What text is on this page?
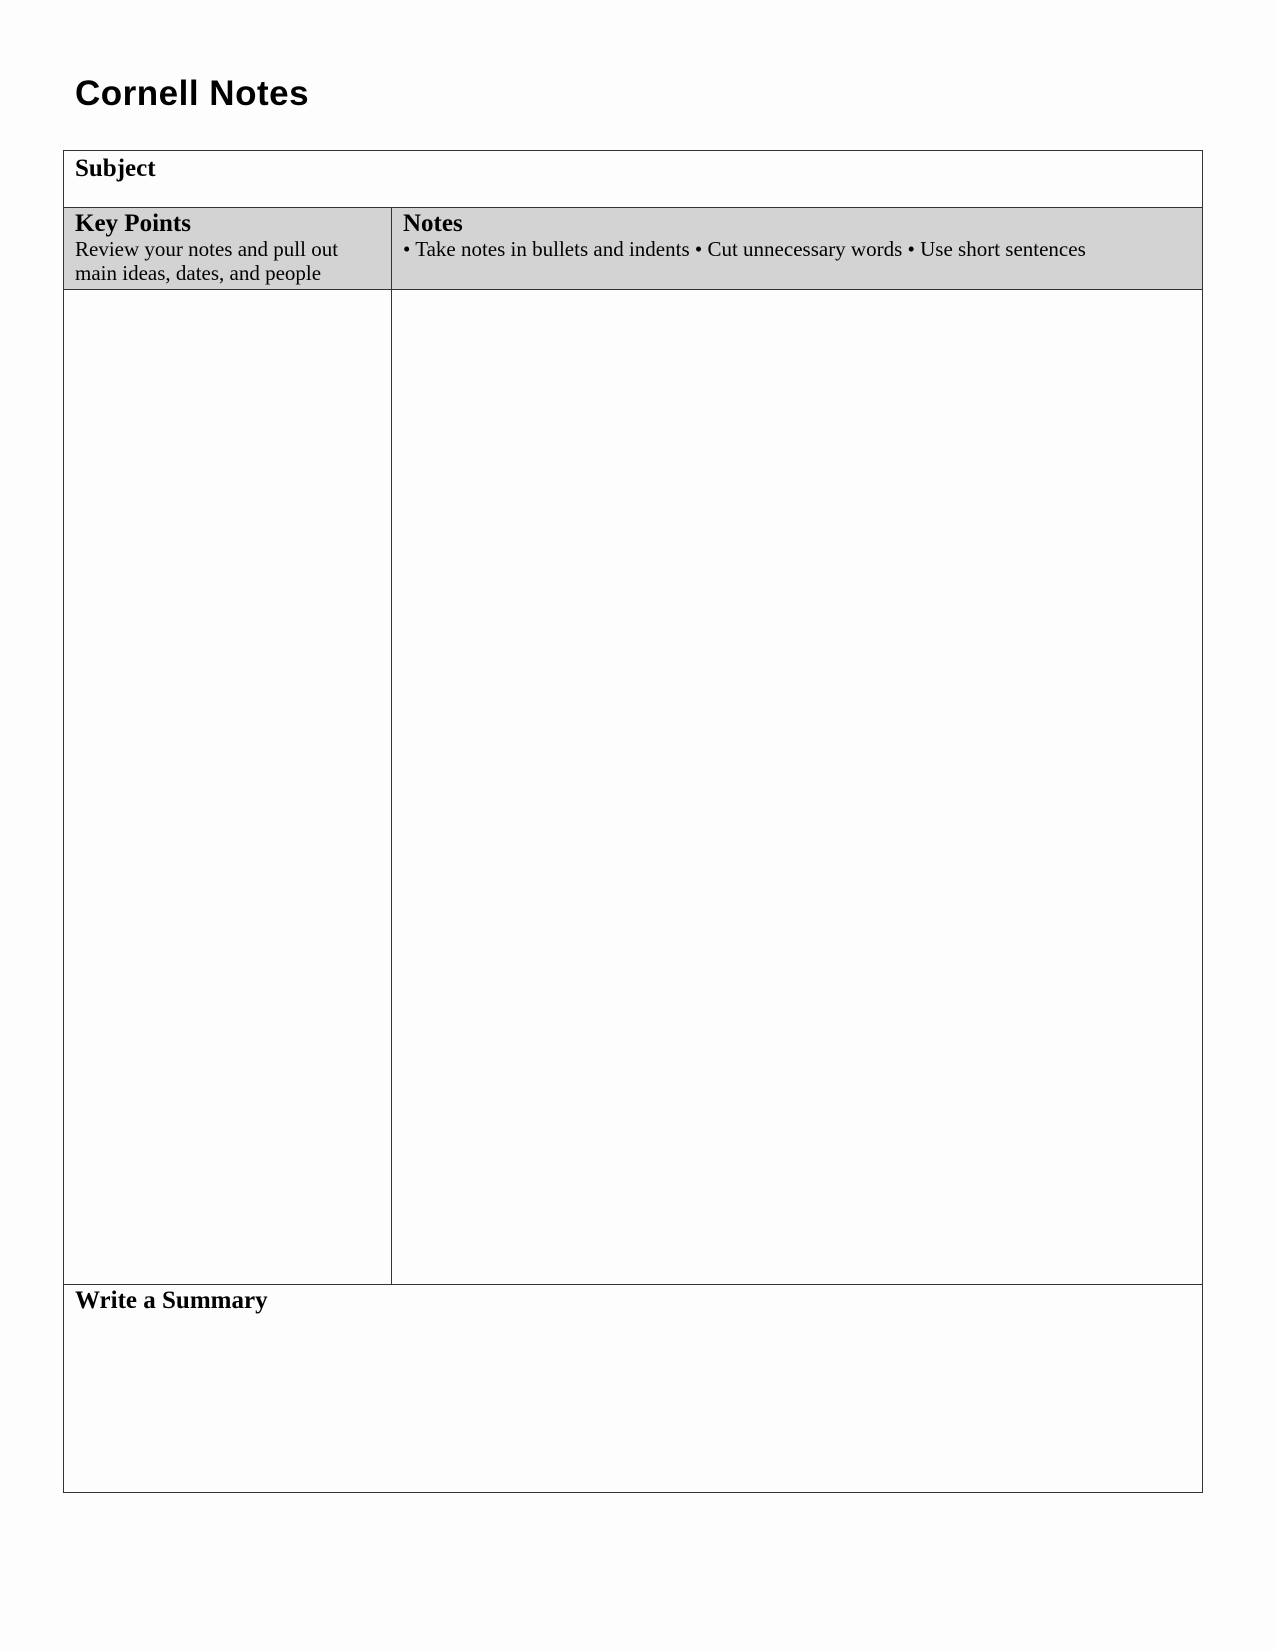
Cornell Notes
Subject
Key Points
Review your notes and pull out main ideas, dates, and people
Notes
• Take notes in bullets and indents • Cut unnecessary words • Use short sentences
Write a Summary
